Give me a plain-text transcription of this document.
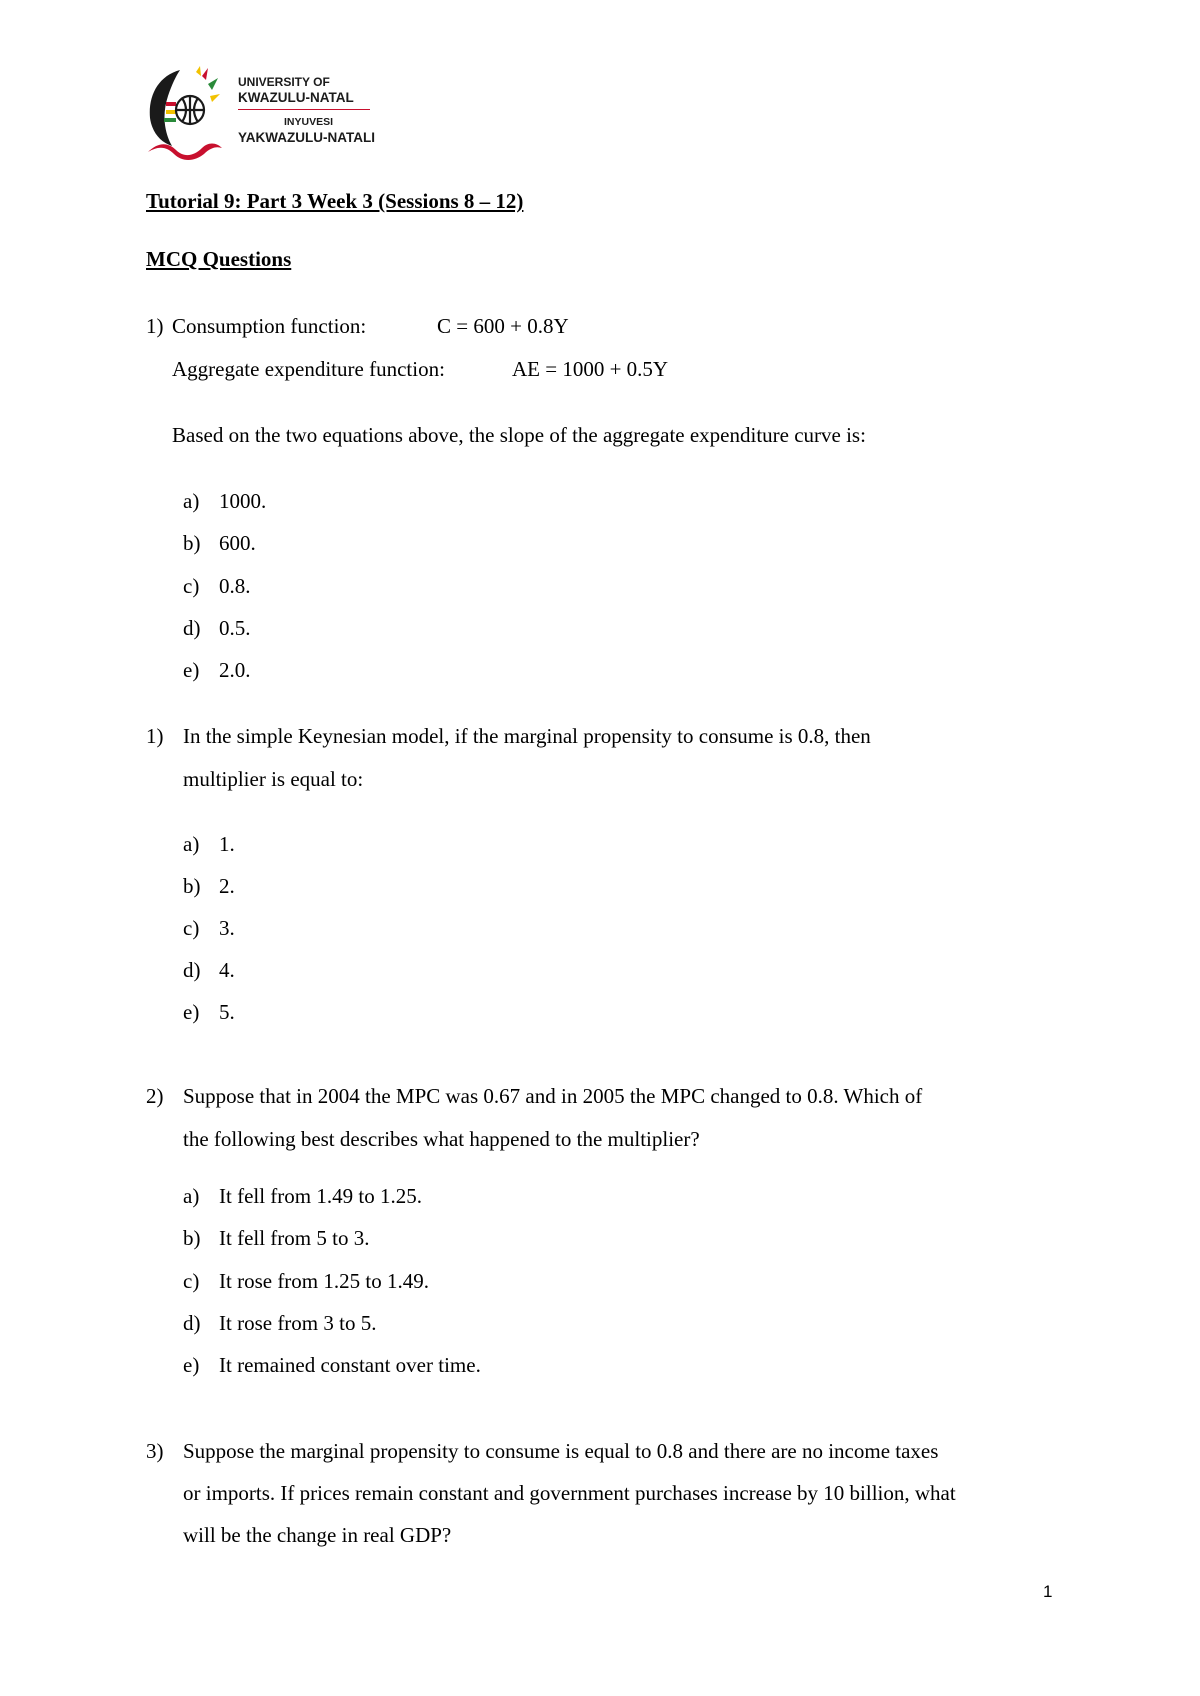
UNIVERSITY OF
KWAZULU-NATAL
INYUVESI
YAKWAZULU-NATALI
Tutorial 9: Part 3 Week 3 (Sessions 8 – 12)
MCQ Questions
1) Consumption function:	C = 600 + 0.8Y
Aggregate expenditure function:	AE = 1000 + 0.5Y
Based on the two equations above, the slope of the aggregate expenditure curve is:
a) 1000.
b) 600.
c) 0.8.
d) 0.5.
e) 2.0.
1) In the simple Keynesian model, if the marginal propensity to consume is 0.8, then
multiplier is equal to:
a) 1.
b) 2.
c) 3.
d) 4.
e) 5.
2) Suppose that in 2004 the MPC was 0.67 and in 2005 the MPC changed to 0.8. Which of
the following best describes what happened to the multiplier?
a) It fell from 1.49 to 1.25.
b) It fell from 5 to 3.
c) It rose from 1.25 to 1.49.
d) It rose from 3 to 5.
e) It remained constant over time.
3) Suppose the marginal propensity to consume is equal to 0.8 and there are no income taxes
or imports. If prices remain constant and government purchases increase by 10 billion, what
will be the change in real GDP?
1
